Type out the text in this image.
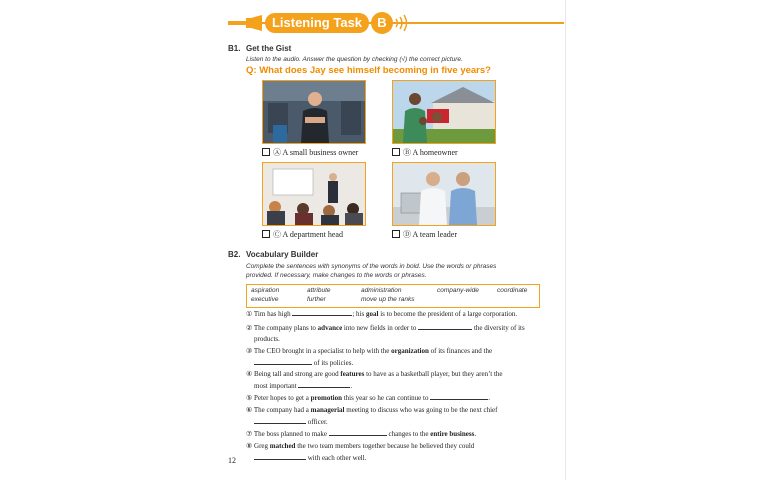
Listening Task	B
B1. Get the Gist
Listen to the audio. Answer the question by checking (√) the correct picture.
Q: What does Jay see himself becoming in five years?
Ⓐ A small business owner	Ⓑ A homeowner
Ⓒ A department head	Ⓓ A team leader
B2. Vocabulary Builder
Complete the sentences with synonyms of the words in bold. Use the words or phrases
provided. If necessary, make changes to the words or phrases.
aspiration	attribute	administration	company-wide	coordinate
executive	further	move up the ranks
① Tim has high	; his goal is to become the president of a large corporation.
② The company plans to advance into new fields in order to	the diversity of its
products.
③ The CEO brought in a specialist to help with the organization of its finances and the
of its policies.
④ Being tall and strong are good features to have as a basketball player, but they aren’t the
most important	.
⑤ Peter hopes to get a promotion this year so he can continue to	.
⑥ The company had a managerial meeting to discuss who was going to be the next chief
officer.
⑦ The boss planned to make	changes to the entire business.
⑧ Greg matched the two team members together because he believed they could
with each other well.
12
